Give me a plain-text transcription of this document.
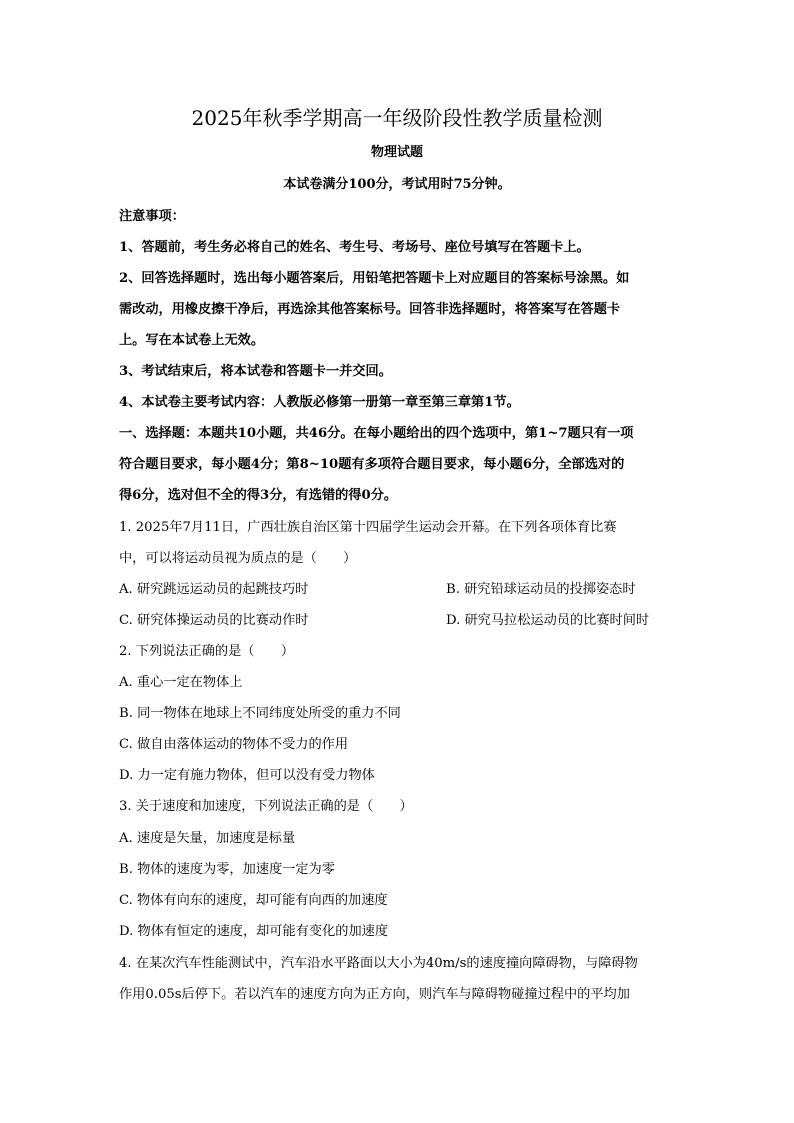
2025年秋季学期高一年级阶段性教学质量检测
物理试题
本试卷满分100分，考试用时75分钟。
注意事项：
1、答题前，考生务必将自己的姓名、考生号、考场号、座位号填写在答题卡上。
2、回答选择题时，选出每小题答案后，用铅笔把答题卡上对应题目的答案标号涂黑。如
需改动，用橡皮擦干净后，再选涂其他答案标号。回答非选择题时，将答案写在答题卡
上。写在本试卷上无效。
3、考试结束后，将本试卷和答题卡一并交回。
4、本试卷主要考试内容：人教版必修第一册第一章至第三章第1节。
一、选择题：本题共10小题，共46分。在每小题给出的四个选项中，第1~7题只有一项
符合题目要求，每小题4分；第8~10题有多项符合题目要求，每小题6分，全部选对的
得6分，选对但不全的得3分，有选错的得0分。
1. 2025年7月11日，广西壮族自治区第十四届学生运动会开幕。在下列各项体育比赛
中，可以将运动员视为质点的是（　　）
A. 研究跳远运动员的起跳技巧时	B. 研究铅球运动员的投掷姿态时
C. 研究体操运动员的比赛动作时	D. 研究马拉松运动员的比赛时间时
2. 下列说法正确的是（　　）
A. 重心一定在物体上
B. 同一物体在地球上不同纬度处所受的重力不同
C. 做自由落体运动的物体不受力的作用
D. 力一定有施力物体，但可以没有受力物体
3. 关于速度和加速度，下列说法正确的是（　　）
A. 速度是矢量，加速度是标量
B. 物体的速度为零，加速度一定为零
C. 物体有向东的速度，却可能有向西的加速度
D. 物体有恒定的速度，却可能有变化的加速度
4. 在某次汽车性能测试中，汽车沿水平路面以大小为40m/s的速度撞向障碍物，与障碍物
作用0.05s后停下。若以汽车的速度方向为正方向，则汽车与障碍物碰撞过程中的平均加
